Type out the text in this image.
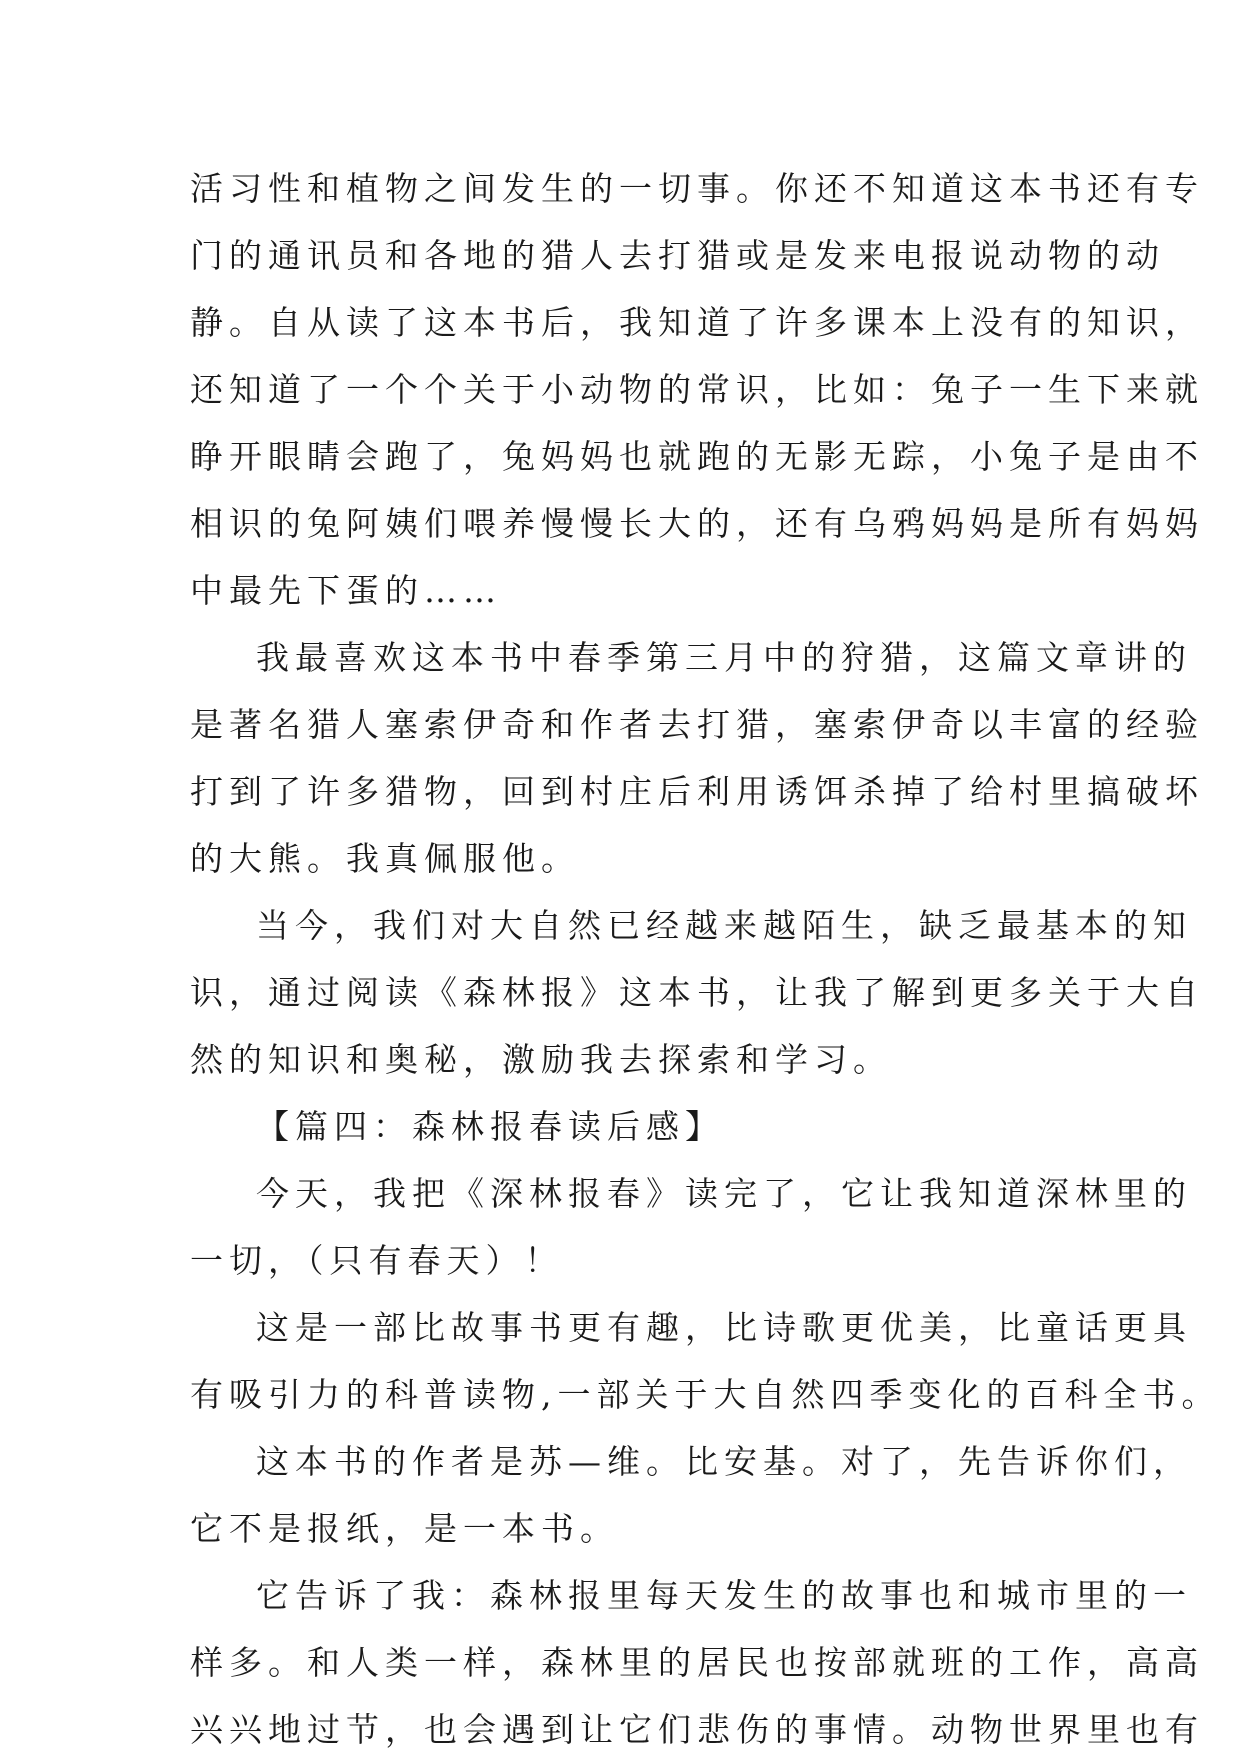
活习性和植物之间发生的一切事。你还不知道这本书还有专
门的通讯员和各地的猎人去打猎或是发来电报说动物的动
静。自从读了这本书后，我知道了许多课本上没有的知识，
还知道了一个个关于小动物的常识，比如：兔子一生下来就
睁开眼睛会跑了，兔妈妈也就跑的无影无踪，小兔子是由不
相识的兔阿姨们喂养慢慢长大的，还有乌鸦妈妈是所有妈妈
中最先下蛋的……
我最喜欢这本书中春季第三月中的狩猎，这篇文章讲的
是著名猎人塞索伊奇和作者去打猎，塞索伊奇以丰富的经验
打到了许多猎物，回到村庄后利用诱饵杀掉了给村里搞破坏
的大熊。我真佩服他。
当今，我们对大自然已经越来越陌生，缺乏最基本的知
识，通过阅读《森林报》这本书，让我了解到更多关于大自
然的知识和奥秘，激励我去探索和学习。
【篇四：森林报春读后感】
今天，我把《深林报春》读完了，它让我知道深林里的
一切，（只有春天）！
这是一部比故事书更有趣，比诗歌更优美，比童话更具
有吸引力的科普读物,一部关于大自然四季变化的百科全书。
这本书的作者是苏—维。比安基。对了，先告诉你们，
它不是报纸，是一本书。
它告诉了我：森林报里每天发生的故事也和城市里的一
样多。和人类一样，森林里的居民也按部就班的工作，高高
兴兴地过节，也会遇到让它们悲伤的事情。动物世界里也有
